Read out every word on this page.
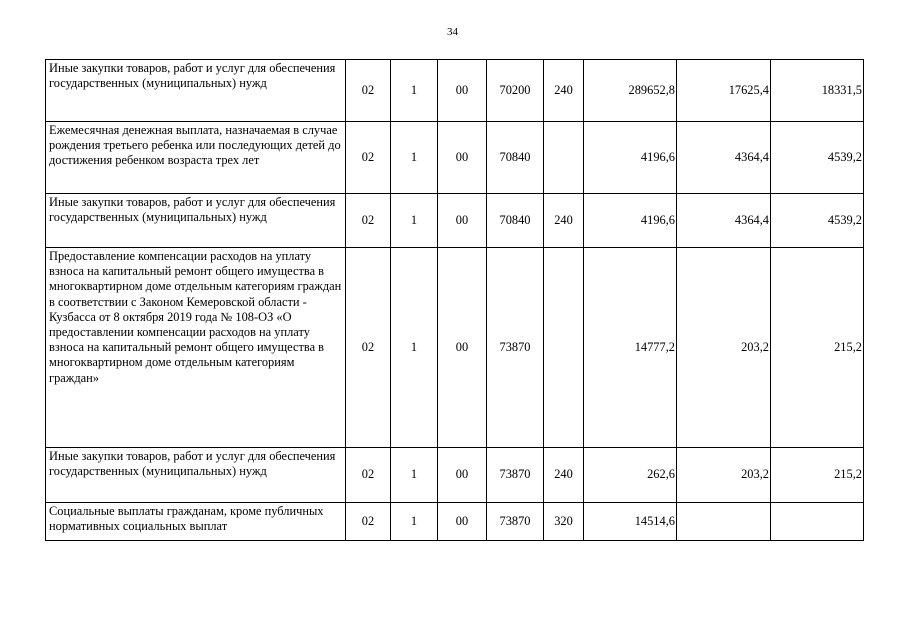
34
Иные закупки товаров, работ и услуг для обеспечения государственных (муниципальных) нужд	02	1	00	70200	240	289652,8	17625,4	18331,5
Ежемесячная денежная выплата, назначаемая в случае рождения третьего ребенка или последующих детей до достижения ребенком возраста трех лет	02	1	00	70840		4196,6	4364,4	4539,2
Иные закупки товаров, работ и услуг для обеспечения государственных (муниципальных) нужд	02	1	00	70840	240	4196,6	4364,4	4539,2
Предоставление компенсации расходов на уплату взноса на капитальный ремонт общего имущества в многоквартирном доме отдельным категориям граждан в соответствии с Законом Кемеровской области - Кузбасса от 8 октября 2019 года № 108-ОЗ «О предоставлении компенсации расходов на уплату взноса на капитальный ремонт общего имущества в многоквартирном доме отдельным категориям граждан»	02	1	00	73870		14777,2	203,2	215,2
Иные закупки товаров, работ и услуг для обеспечения государственных (муниципальных) нужд	02	1	00	73870	240	262,6	203,2	215,2
Социальные выплаты гражданам, кроме публичных нормативных социальных выплат	02	1	00	73870	320	14514,6		
